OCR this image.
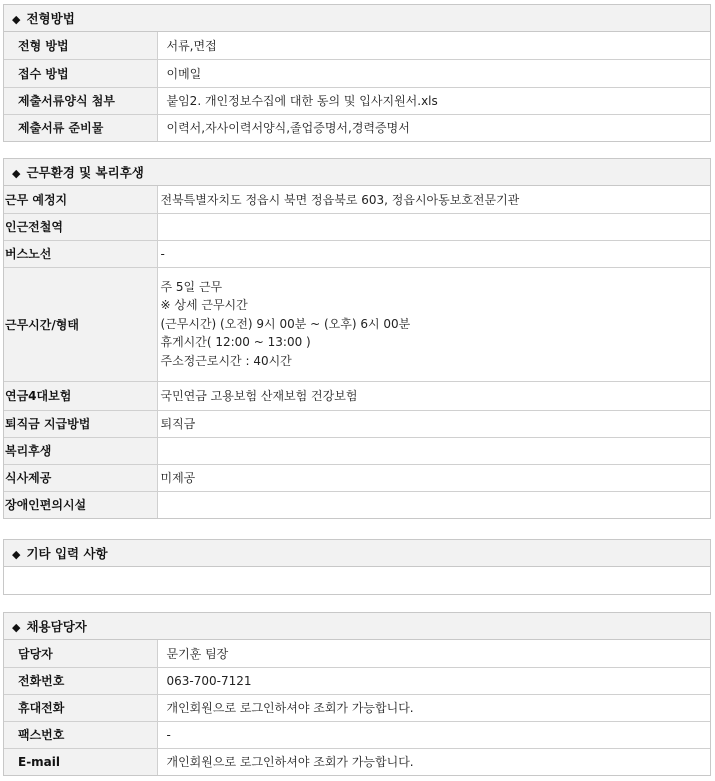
◆ 전형방법
전형 방법	서류,면접
접수 방법	이메일
제출서류양식 첨부	붙임2. 개인정보수집에 대한 동의 및 입사지원서.xls
제출서류 준비물	이력서,자사이력서양식,졸업증명서,경력증명서
◆ 근무환경 및 복리후생
근무 예정지	전북특별자치도 정읍시 북면 정읍북로 603, 정읍시아동보호전문기관
인근전철역	
버스노선	-
근무시간/형태	주 5일 근무
※ 상세 근무시간
(근무시간) (오전) 9시 00분 ~ (오후) 6시 00분
휴게시간( 12:00 ~ 13:00 )
주소정근로시간 : 40시간

연금4대보험	국민연금 고용보험 산재보험 건강보험
퇴직금 지급방법	퇴직금
복리후생	
식사제공	미제공
장애인편의시설	
◆ 기타 입력 사항
◆ 채용담당자
담당자	문기훈 팀장
전화번호	063-700-7121
휴대전화	개인회원으로 로그인하셔야 조회가 가능합니다.
팩스번호	-
E-mail	개인회원으로 로그인하셔야 조회가 가능합니다.
